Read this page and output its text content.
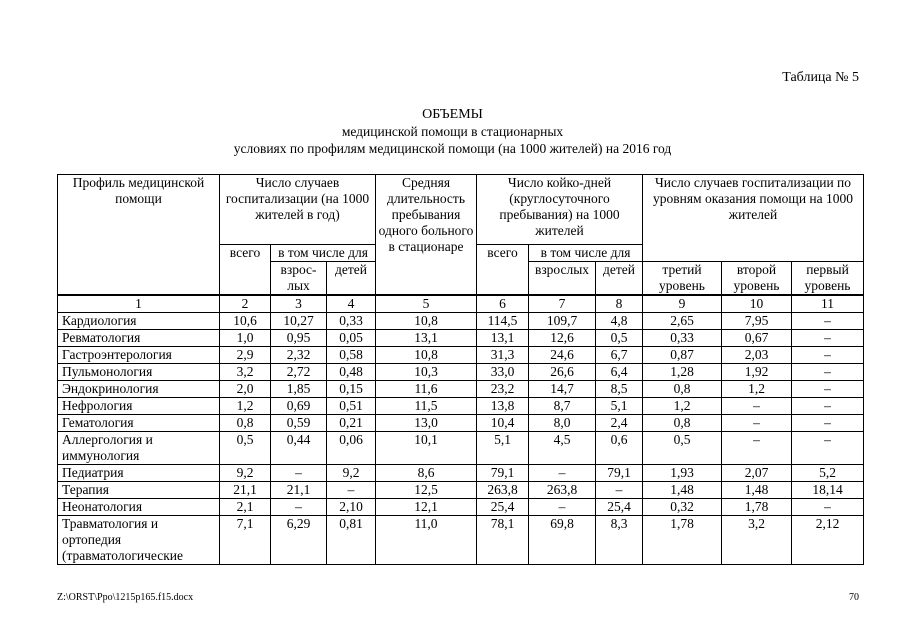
Таблица № 5
ОБЪЕМЫ
медицинской помощи в стационарных
условиях по профилям медицинской помощи (на 1000 жителей) на 2016 год
Профиль медицинской помощи	Число случаев госпитализации (на 1000 жителей в год)			Средняя длительность пребывания одного больного в стационаре	Число койко-дней (круглосуточного пребывания) на 1000 жителей			Число случаев госпитализации по уровням оказания помощи на 1000 жителей		
	всего	в том числе для			всего	в том числе для				
		взрос-лых	детей			взрослых	детей	третий уровень	второй уровень	первый уровень
1	2	3	4	5	6	7	8	9	10	11
Кардиология	10,6	10,27	0,33	10,8	114,5	109,7	4,8	2,65	7,95	–
Ревматология	1,0	0,95	0,05	13,1	13,1	12,6	0,5	0,33	0,67	–
Гастроэнтерология	2,9	2,32	0,58	10,8	31,3	24,6	6,7	0,87	2,03	–
Пульмонология	3,2	2,72	0,48	10,3	33,0	26,6	6,4	1,28	1,92	–
Эндокринология	2,0	1,85	0,15	11,6	23,2	14,7	8,5	0,8	1,2	–
Нефрология	1,2	0,69	0,51	11,5	13,8	8,7	5,1	1,2	–	–
Гематология	0,8	0,59	0,21	13,0	10,4	8,0	2,4	0,8	–	–
Аллергология и иммунология	0,5	0,44	0,06	10,1	5,1	4,5	0,6	0,5	–	–
Педиатрия	9,2	–	9,2	8,6	79,1	–	79,1	1,93	2,07	5,2
Терапия	21,1	21,1	–	12,5	263,8	263,8	–	1,48	1,48	18,14
Неонатология	2,1	–	2,10	12,1	25,4	–	25,4	0,32	1,78	–
Травматология и ортопедия (травматологические	7,1	6,29	0,81	11,0	78,1	69,8	8,3	1,78	3,2	2,12
Z:\ORST\Ppo\1215p165.f15.docx	70
